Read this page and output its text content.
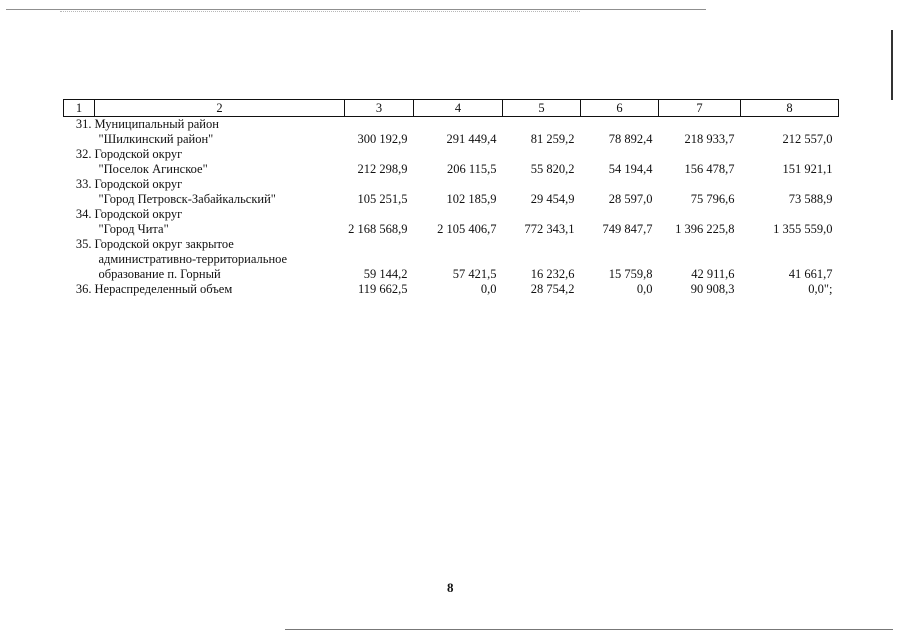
1	2	3	4	5	6	7	8
31.	Муниципальный район
"Шилкинский район"	300 192,9	291 449,4	81 259,2	78 892,4	218 933,7	212 557,0
32.	Городской округ
"Поселок Агинское"	212 298,9	206 115,5	55 820,2	54 194,4	156 478,7	151 921,1
33.	Городской округ
"Город Петровск-Забайкальский"	105 251,5	102 185,9	29 454,9	28 597,0	75 796,6	73 588,9
34.	Городской округ
"Город Чита"	2 168 568,9	2 105 406,7	772 343,1	749 847,7	1 396 225,8	1 355 559,0
35.	Городской округ закрытое
административно-территориальное
образование п. Горный	59 144,2	57 421,5	16 232,6	15 759,8	42 911,6	41 661,7
36.	Нераспределенный объем	119 662,5	0,0	28 754,2	0,0	90 908,3	0,0";
8
